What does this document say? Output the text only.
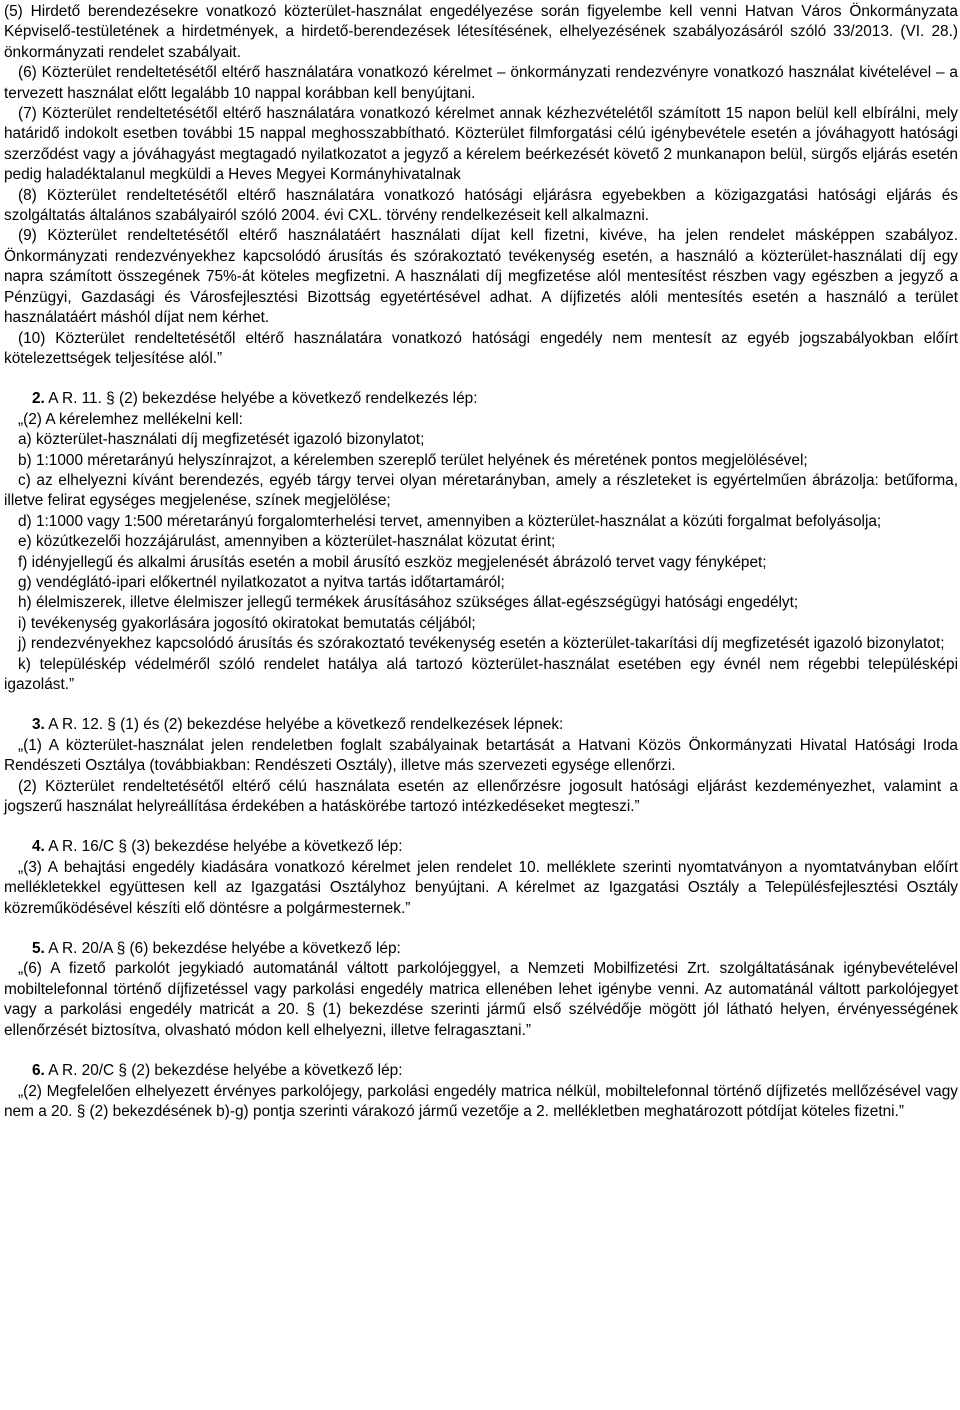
(5) Hirdető berendezésekre vonatkozó közterület-használat engedélyezése során figyelembe kell venni Hatvan Város Önkormányzata Képviselő-testületének a hirdetmények, a hirdető-berendezések létesítésének, elhelyezésének szabályozásáról szóló 33/2013. (VI. 28.) önkormányzati rendelet szabályait.

(6) Közterület rendeltetésétől eltérő használatára vonatkozó kérelmet – önkormányzati rendezvényre vonatkozó használat kivételével – a tervezett használat előtt legalább 10 nappal korábban kell benyújtani.

(7) Közterület rendeltetésétől eltérő használatára vonatkozó kérelmet annak kézhezvételétől számított 15 napon belül kell elbírálni, mely határidő indokolt esetben további 15 nappal meghosszabbítható. Közterület filmforgatási célú igénybevétele esetén a jóváhagyott hatósági szerződést vagy a jóváhagyást megtagadó nyilatkozatot a jegyző a kérelem beérkezését követő 2 munkanapon belül, sürgős eljárás esetén pedig haladéktalanul megküldi a Heves Megyei Kormányhivatalnak

(8) Közterület rendeltetésétől eltérő használatára vonatkozó hatósági eljárásra egyebekben a közigazgatási hatósági eljárás és szolgáltatás általános szabályairól szóló 2004. évi CXL. törvény rendelkezéseit kell alkalmazni.

(9) Közterület rendeltetésétől eltérő használatáért használati díjat kell fizetni, kivéve, ha jelen rendelet másképpen szabályoz. Önkormányzati rendezvényekhez kapcsolódó árusítás és szórakoztató tevékenység esetén, a használó a közterület-használati díj egy napra számított összegének 75%-át köteles megfizetni. A használati díj megfizetése alól mentesítést részben vagy egészben a jegyző a Pénzügyi, Gazdasági és Városfejlesztési Bizottság egyetértésével adhat. A díjfizetés alóli mentesítés esetén a használó a terület használatáért máshól díjat nem kérhet.

(10) Közterület rendeltetésétől eltérő használatára vonatkozó hatósági engedély nem mentesít az egyéb jogszabályokban előírt kötelezettségek teljesítése alól.”

2. A R. 11. § (2) bekezdése helyébe a következő rendelkezés lép:

„(2) A kérelemhez mellékelni kell:

a) közterület-használati díj megfizetését igazoló bizonylatot;

b) 1:1000 méretarányú helyszínrajzot, a kérelemben szereplő terület helyének és méretének pontos megjelölésével;

c) az elhelyezni kívánt berendezés, egyéb tárgy tervei olyan méretarányban, amely a részleteket is egyértelműen ábrázolja: betűforma, illetve felirat egységes megjelenése, színek megjelölése;

d) 1:1000 vagy 1:500 méretarányú forgalomterhelési tervet, amennyiben a közterület-használat a közúti forgalmat befolyásolja;

e) közútkezelői hozzájárulást, amennyiben a közterület-használat közutat érint;

f) idényjellegű és alkalmi árusítás esetén a mobil árusító eszköz megjelenését ábrázoló tervet vagy fényképet;

g) vendéglátó-ipari előkertnél nyilatkozatot a nyitva tartás időtartamáról;

h) élelmiszerek, illetve élelmiszer jellegű termékek árusításához szükséges állat-egészségügyi hatósági engedélyt;

i) tevékenység gyakorlására jogosító okiratokat bemutatás céljából;

j) rendezvényekhez kapcsolódó árusítás és szórakoztató tevékenység esetén a közterület-takarítási díj megfizetését igazoló bizonylatot;

k) településkép védelméről szóló rendelet hatálya alá tartozó közterület-használat esetében egy évnél nem régebbi településképi igazolást.”

3. A R. 12. § (1) és (2) bekezdése helyébe a következő rendelkezések lépnek:

„(1) A közterület-használat jelen rendeletben foglalt szabályainak betartását a Hatvani Közös Önkormányzati Hivatal Hatósági Iroda Rendészeti Osztálya (továbbiakban: Rendészeti Osztály), illetve más szervezeti egysége ellenőrzi.

(2) Közterület rendeltetésétől eltérő célú használata esetén az ellenőrzésre jogosult hatósági eljárást kezdeményezhet, valamint a jogszerű használat helyreállítása érdekében a hatáskörébe tartozó intézkedéseket megteszi.”

4. A R. 16/C § (3) bekezdése helyébe a következő lép:

„(3) A behajtási engedély kiadására vonatkozó kérelmet jelen rendelet 10. melléklete szerinti nyomtatványon a nyomtatványban előírt mellékletekkel együttesen kell az Igazgatási Osztályhoz benyújtani. A kérelmet az Igazgatási Osztály a Településfejlesztési Osztály közreműködésével készíti elő döntésre a polgármesternek.”

5. A R. 20/A § (6) bekezdése helyébe a következő lép:

„(6) A fizető parkolót jegykiadó automatánál váltott parkolójeggyel, a Nemzeti Mobilfizetési Zrt. szolgáltatásának igénybevételével mobiltelefonnal történő díjfizetéssel vagy parkolási engedély matrica ellenében lehet igénybe venni. Az automatánál váltott parkolójegyet vagy a parkolási engedély matricát a 20. § (1) bekezdése szerinti jármű első szélvédője mögött jól látható helyen, érvényességének ellenőrzését biztosítva, olvasható módon kell elhelyezni, illetve felragasztani.”

6. A R. 20/C § (2) bekezdése helyébe a következő lép:

„(2) Megfelelően elhelyezett érvényes parkolójegy, parkolási engedély matrica nélkül, mobiltelefonnal történő díjfizetés mellőzésével vagy nem a 20. § (2) bekezdésének b)-g) pontja szerinti várakozó jármű vezetője a 2. mellékletben meghatározott pótdíjat köteles fizetni.”
